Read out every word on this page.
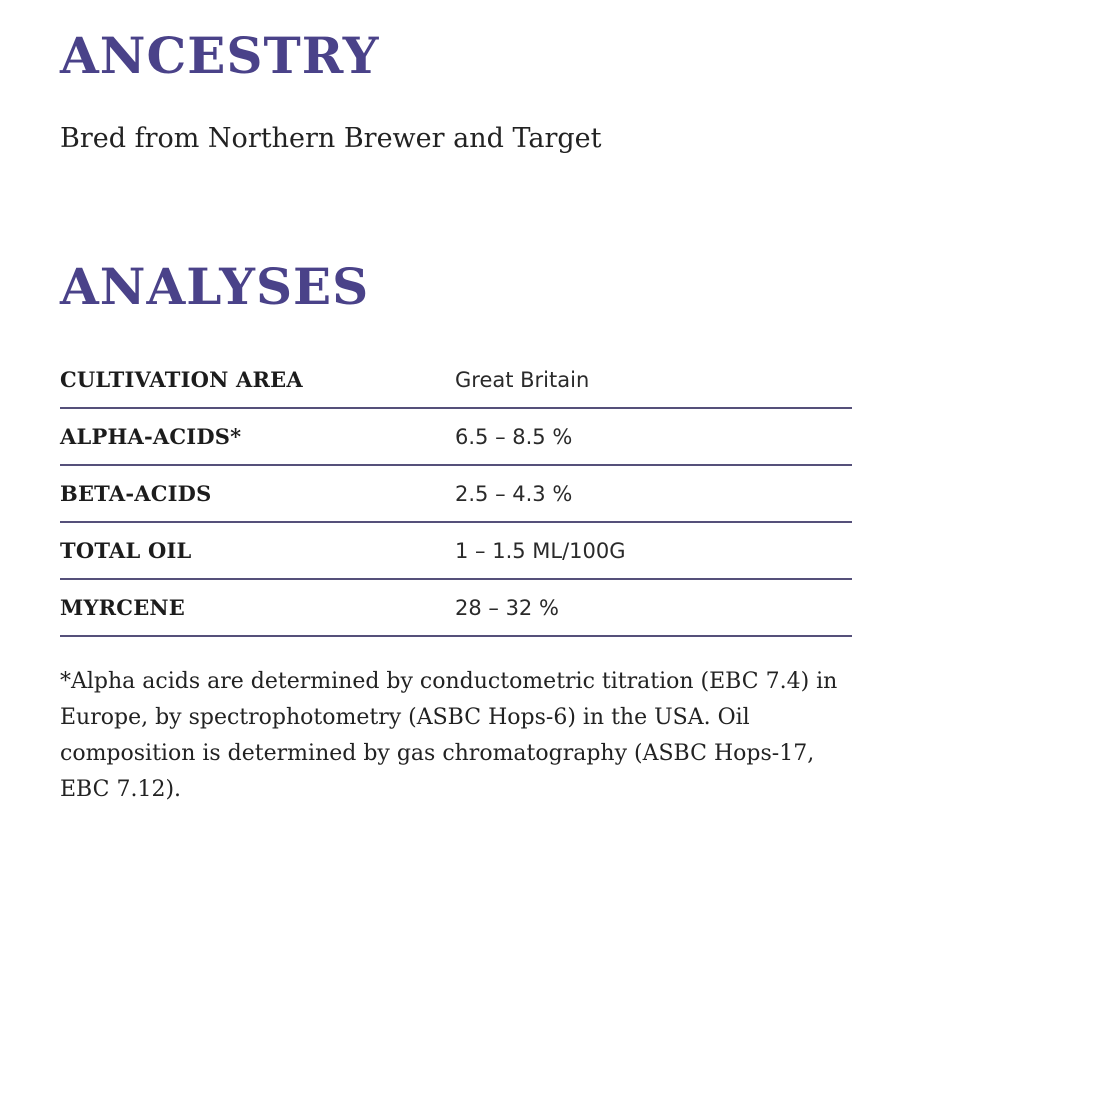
ANCESTRY

Bred from Northern Brewer and Target

ANALYSES
CULTIVATION AREA	Great Britain
ALPHA-ACIDS*	6.5 – 8.5 %
BETA-ACIDS	2.5 – 4.3 %
TOTAL OIL	1 – 1.5 ML/100G
MYRCENE	28 – 32 %

*Alpha acids are determined by conductometric titration (EBC 7.4) in Europe, by spectrophotometry (ASBC Hops-6) in the USA. Oil composition is determined by gas chromatography (ASBC Hops-17, EBC 7.12).
